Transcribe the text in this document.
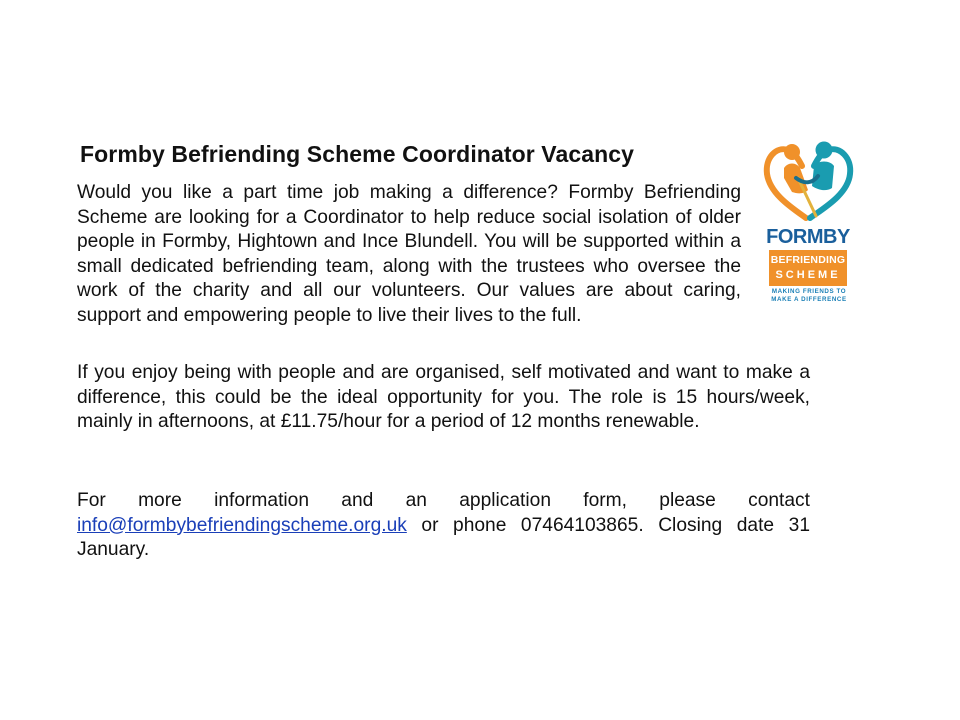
Formby Befriending Scheme Coordinator Vacancy

Would you like a part time job making a difference? Formby Befriending Scheme are looking for a Coordinator to help reduce social isolation of older people in Formby, Hightown and Ince Blundell. You will be supported within a small dedicated befriending team, along with the trustees who oversee the work of the charity and all our volunteers. Our values are about caring, support and empowering people to live their lives to the full.

If you enjoy being with people and are organised, self motivated and want to make a difference, this could be the ideal opportunity for you. The role is 15 hours/week, mainly in afternoons, at £11.75/hour for a period of 12 months renewable.

For more information and an application form, please contact info@formbybefriendingscheme.org.uk or phone 07464103865. Closing date 31 January.

FORMBY
BEFRIENDING
SCHEME
MAKING FRIENDS TO
MAKE A DIFFERENCE
